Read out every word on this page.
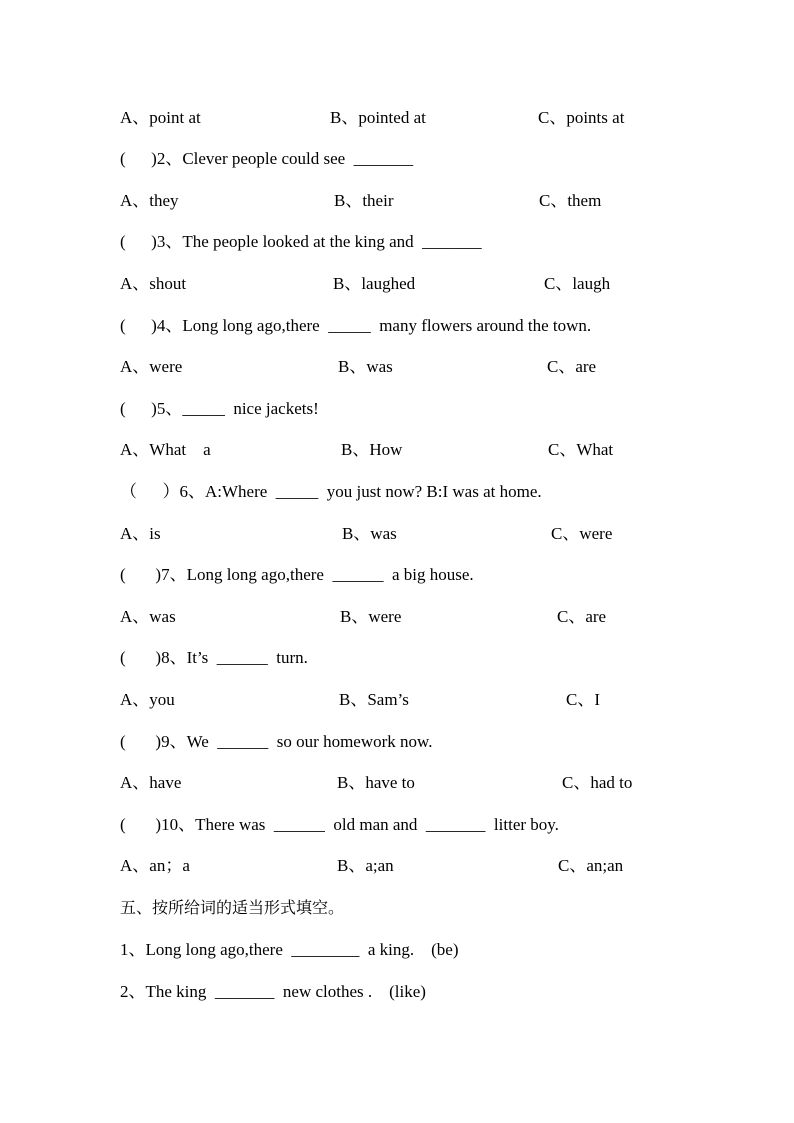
A、point at

	B、pointed at

	C、points at

(      )2、Clever people could see  _______

A、they

	B、their

	C、them

(      )3、The people looked at the king and  _______

A、shout

	B、laughed

	C、laugh

(      )4、Long long ago,there  _____  many flowers around the town.

A、were

	B、was

	C、are

(      )5、_____  nice jackets!

A、What    a

	B、How

	C、What

（      ）6、A:Where  _____  you just now? B:I was at home.

A、is

	B、was

	C、were

(       )7、Long long ago,there  ______  a big house.

A、was

	B、were

	C、are

(       )8、It’s  ______  turn.

A、you

	B、Sam’s

	C、I

(       )9、We  ______  so our homework now.

A、have

	B、have to

	C、had to

(       )10、There was  ______  old man and  _______  litter boy.

A、an；a

	B、a;an

	C、an;an

五、按所给词的适当形式填空。

1、Long long ago,there  ________  a king.    (be)

2、The king  _______  new clothes .    (like)
